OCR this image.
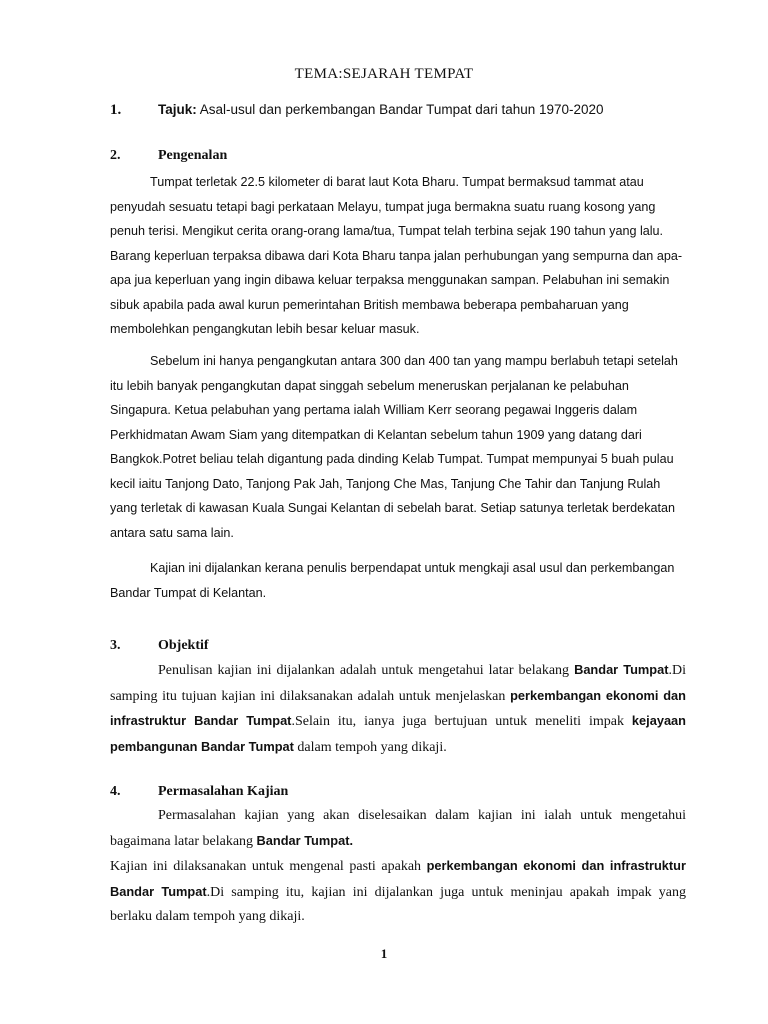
TEMA:SEJARAH TEMPAT
1.	Tajuk: Asal-usul dan perkembangan Bandar Tumpat dari tahun 1970-2020
2.	Pengenalan

Tumpat terletak 22.5 kilometer di barat laut Kota Bharu. Tumpat bermaksud tammat atau penyudah sesuatu tetapi bagi perkataan Melayu, tumpat juga bermakna suatu ruang kosong yang penuh terisi. Mengikut cerita orang-orang lama/tua, Tumpat telah terbina sejak 190 tahun yang lalu. Barang keperluan terpaksa dibawa dari Kota Bharu tanpa jalan perhubungan yang sempurna dan apa-apa jua keperluan yang ingin dibawa keluar terpaksa menggunakan sampan. Pelabuhan ini semakin sibuk apabila pada awal kurun pemerintahan British membawa beberapa pembaharuan yang membolehkan pengangkutan lebih besar keluar masuk.

Sebelum ini hanya pengangkutan antara 300 dan 400 tan yang mampu berlabuh tetapi setelah itu lebih banyak pengangkutan dapat singgah sebelum meneruskan perjalanan ke pelabuhan Singapura. Ketua pelabuhan yang pertama ialah William Kerr seorang pegawai Inggeris dalam Perkhidmatan Awam Siam yang ditempatkan di Kelantan sebelum tahun 1909 yang datang dari Bangkok.Potret beliau telah digantung pada dinding Kelab Tumpat. Tumpat mempunyai 5 buah pulau kecil iaitu Tanjong Dato, Tanjong Pak Jah, Tanjong Che Mas, Tanjung Che Tahir dan Tanjung Rulah yang terletak di kawasan Kuala Sungai Kelantan di sebelah barat. Setiap satunya terletak berdekatan antara satu sama lain.

Kajian ini dijalankan kerana penulis berpendapat untuk mengkaji asal usul dan perkembangan Bandar Tumpat di Kelantan.

3.	Objektif

Penulisan kajian ini dijalankan adalah untuk mengetahui latar belakang Bandar Tumpat.Di samping itu tujuan kajian ini dilaksanakan adalah untuk menjelaskan perkembangan ekonomi dan infrastruktur Bandar Tumpat.Selain itu, ianya juga bertujuan untuk meneliti impak kejayaan pembangunan Bandar Tumpat dalam tempoh yang dikaji.

4.	Permasalahan Kajian

Permasalahan kajian yang akan diselesaikan dalam kajian ini ialah untuk mengetahui bagaimana latar belakang Bandar Tumpat.

Kajian ini dilaksanakan untuk mengenal pasti apakah perkembangan ekonomi dan infrastruktur Bandar Tumpat.Di samping itu, kajian ini dijalankan juga untuk meninjau apakah impak yang berlaku dalam tempoh yang dikaji.

1
